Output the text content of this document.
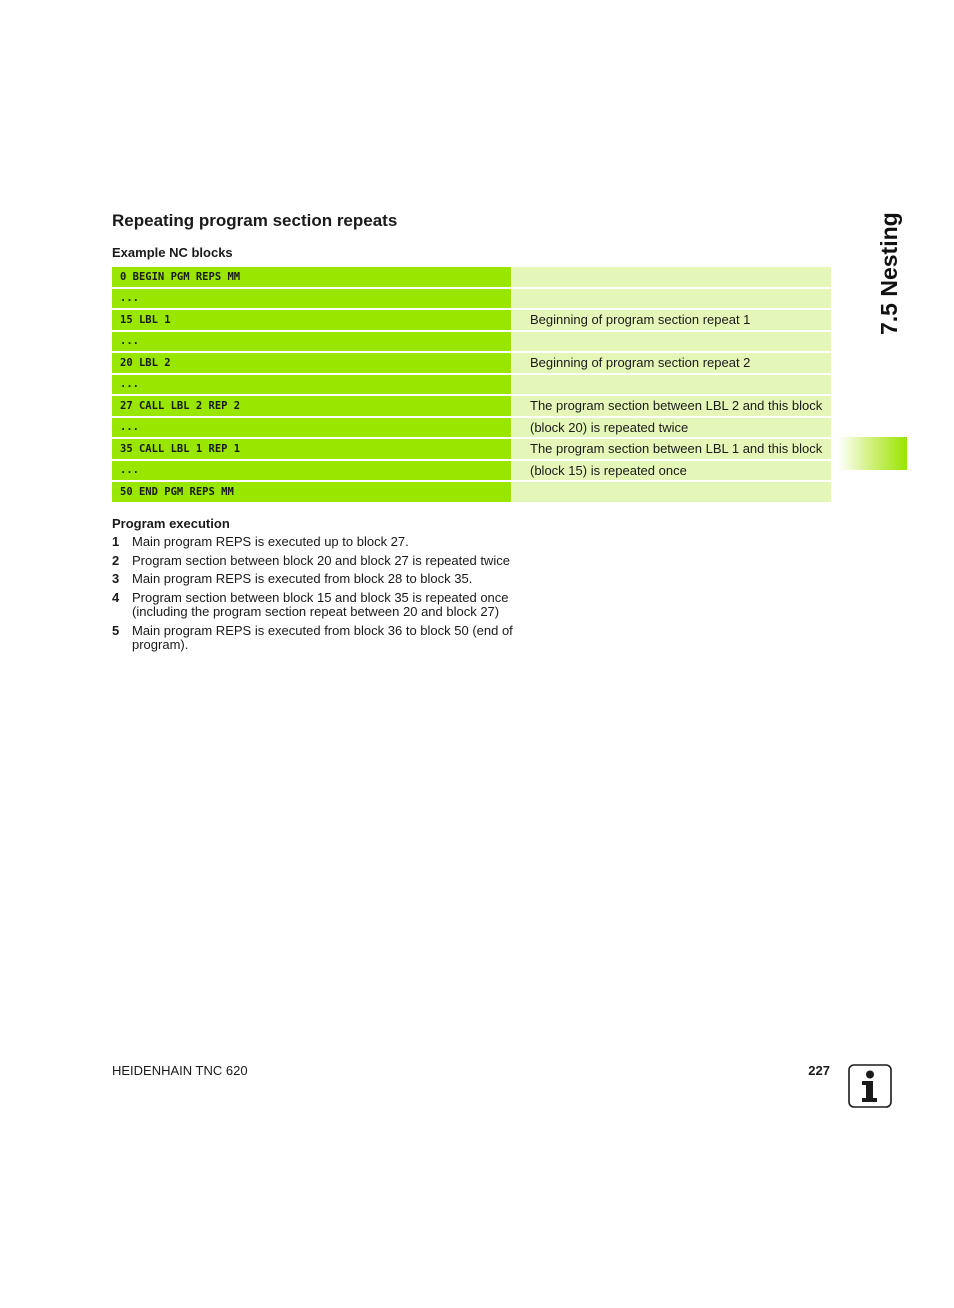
Repeating program section repeats
Example NC blocks
0 BEGIN PGM REPS MM
...
15 LBL 1	Beginning of program section repeat 1
...
20 LBL 2	Beginning of program section repeat 2
...
27 CALL LBL 2 REP 2	The program section between LBL 2 and this block
...	(block 20) is repeated twice
35 CALL LBL 1 REP 1	The program section between LBL 1 and this block
...	(block 15) is repeated once
50 END PGM REPS MM
Program execution
1 Main program REPS is executed up to block 27.
2 Program section between block 20 and block 27 is repeated twice
3 Main program REPS is executed from block 28 to block 35.
4 Program section between block 15 and block 35 is repeated once (including the program section repeat between 20 and block 27)
5 Main program REPS is executed from block 36 to block 50 (end of program).
7.5 Nesting
HEIDENHAIN TNC 620	227
